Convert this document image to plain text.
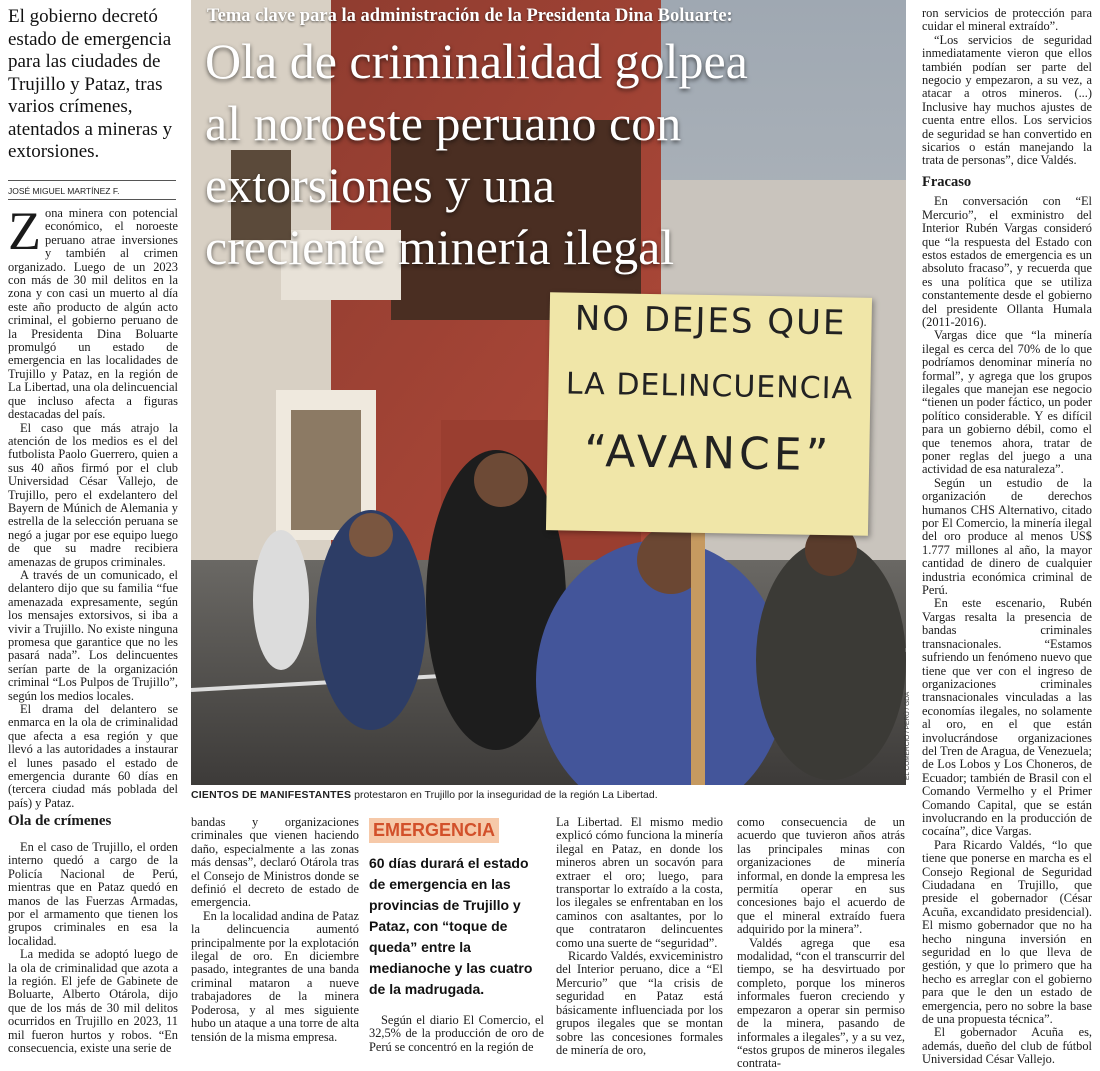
El gobierno decretó estado de emergencia para las ciudades de Trujillo y Pataz, tras varios crímenes, atentados a mineras y extorsiones.
JOSÉ MIGUEL MARTÍNEZ F.
Z ona minera con potencial económico, el noroeste peruano atrae inversiones y también al crimen organizado. Luego de un 2023 con más de 30 mil delitos en la zona y con casi un muerto al día este año producto de algún acto criminal, el gobierno peruano de la Presidenta Dina Boluarte promulgó un estado de emergencia en las localidades de Trujillo y Pataz, en la región de La Libertad, una ola delincuencial que incluso afecta a figuras destacadas del país.

El caso que más atrajo la atención de los medios es el del futbolista Paolo Guerrero, quien a sus 40 años firmó por el club Universidad César Vallejo, de Trujillo, pero el exdelantero del Bayern de Múnich de Alemania y estrella de la selección peruana se negó a jugar por ese equipo luego de que su madre recibiera amenazas de grupos criminales.

A través de un comunicado, el delantero dijo que su familia “fue amenazada expresamente, según los mensajes extorsivos, si iba a vivir a Trujillo. No existe ninguna promesa que garantice que no les pasará nada”. Los delincuentes serían parte de la organización criminal “Los Pulpos de Trujillo”, según los medios locales.

El drama del delantero se enmarca en la ola de criminalidad que afecta a esa región y que llevó a las autoridades a instaurar el lunes pasado el estado de emergencia durante 60 días en (tercera ciudad más poblada del país) y Pataz.

Ola de crímenes

En el caso de Trujillo, el orden interno quedó a cargo de la Policía Nacional de Perú, mientras que en Pataz quedó en manos de las Fuerzas Armadas, por el armamento que tienen los grupos criminales en esa la localidad.

La medida se adoptó luego de la ola de criminalidad que azota a la región. El jefe de Gabinete de Boluarte, Alberto Otárola, dijo que de los más de 30 mil delitos ocurridos en Trujillo en 2023, 11 mil fueron hurtos y robos. “En consecuencia, existe una serie de

NO DEJES QUE
LA DELINCUENCIA
“AVANCE”
Tema clave para la administración de la Presidenta Dina Boluarte:
Ola de criminalidad golpea
al noroeste peruano con
extorsiones y una
creciente minería ilegal
EL COMERCIO / PERÚ / GDA
CIENTOS DE MANIFESTANTES protestaron en Trujillo por la inseguridad de la región La Libertad.

bandas y organizaciones criminales que vienen haciendo daño, especialmente a las zonas más densas”, declaró Otárola tras el Consejo de Ministros donde se definió el decreto de estado de emergencia.

En la localidad andina de Pataz la delincuencia aumentó principalmente por la explotación ilegal de oro. En diciembre pasado, integrantes de una banda criminal mataron a nueve trabajadores de la minera Poderosa, y al mes siguiente hubo un ataque a una torre de alta tensión de la misma empresa.

EMERGENCIA
60 días durará el estado de emergencia en las provincias de Trujillo y Pataz, con “toque de queda” entre la medianoche y las cuatro de la madrugada.
Según el diario El Comercio, el 32,5% de la producción de oro de Perú se concentró en la región de

La Libertad. El mismo medio explicó cómo funciona la minería ilegal en Pataz, en donde los mineros abren un socavón para extraer el oro; luego, para transportar lo extraído a la costa, los ilegales se enfrentaban en los caminos con asaltantes, por lo que contrataron delincuentes como una suerte de “seguridad”.

Ricardo Valdés, exviceministro del Interior peruano, dice a “El Mercurio” que “la crisis de seguridad en Pataz está básicamente influenciada por los grupos ilegales que se montan sobre las concesiones formales de minería de oro,

como consecuencia de un acuerdo que tuvieron años atrás las principales minas con organizaciones de minería informal, en donde la empresa les permitía operar en sus concesiones bajo el acuerdo de que el mineral extraído fuera adquirido por la minera”.

Valdés agrega que esa modalidad, “con el transcurrir del tiempo, se ha desvirtuado por completo, porque los mineros informales fueron creciendo y empezaron a operar sin permiso de la minera, pasando de informales a ilegales”, y a su vez, “estos grupos de mineros ilegales contrata-

ron servicios de protección para cuidar el mineral extraído”.

“Los servicios de seguridad inmediatamente vieron que ellos también podían ser parte del negocio y empezaron, a su vez, a atacar a otros mineros. (...) Inclusive hay muchos ajustes de cuenta entre ellos. Los servicios de seguridad se han convertido en sicarios o están manejando la trata de personas”, dice Valdés.

Fracaso

En conversación con “El Mercurio”, el exministro del Interior Rubén Vargas consideró que “la respuesta del Estado con estos estados de emergencia es un absoluto fracaso”, y recuerda que es una política que se utiliza constantemente desde el gobierno del presidente Ollanta Humala (2011-2016).

Vargas dice que “la minería ilegal es cerca del 70% de lo que podríamos denominar minería no formal”, y agrega que los grupos ilegales que manejan ese negocio “tienen un poder fáctico, un poder político considerable. Y es difícil para un gobierno débil, como el que tenemos ahora, tratar de poner reglas del juego a una actividad de esa naturaleza”.

Según un estudio de la organización de derechos humanos CHS Alternativo, citado por El Comercio, la minería ilegal del oro produce al menos US$ 1.777 millones al año, la mayor cantidad de dinero de cualquier industria económica criminal de Perú.

En este escenario, Rubén Vargas resalta la presencia de bandas criminales transnacionales. “Estamos sufriendo un fenómeno nuevo que tiene que ver con el ingreso de organizaciones criminales transnacionales vinculadas a las economías ilegales, no solamente al oro, en el que están involucrándose organizaciones del Tren de Aragua, de Venezuela; de Los Lobos y Los Choneros, de Ecuador; también de Brasil con el Comando Vermelho y el Primer Comando Capital, que se están involucrando en la producción de cocaína”, dice Vargas.

Para Ricardo Valdés, “lo que tiene que ponerse en marcha es el Consejo Regional de Seguridad Ciudadana en Trujillo, que preside el gobernador (César Acuña, excandidato presidencial). El mismo gobernador que no ha hecho ninguna inversión en seguridad en lo que lleva de gestión, y que lo primero que ha hecho es arreglar con el gobierno para que le den un estado de emergencia, pero no sobre la base de una propuesta técnica”.

El gobernador Acuña es, además, dueño del club de fútbol Universidad César Vallejo.
